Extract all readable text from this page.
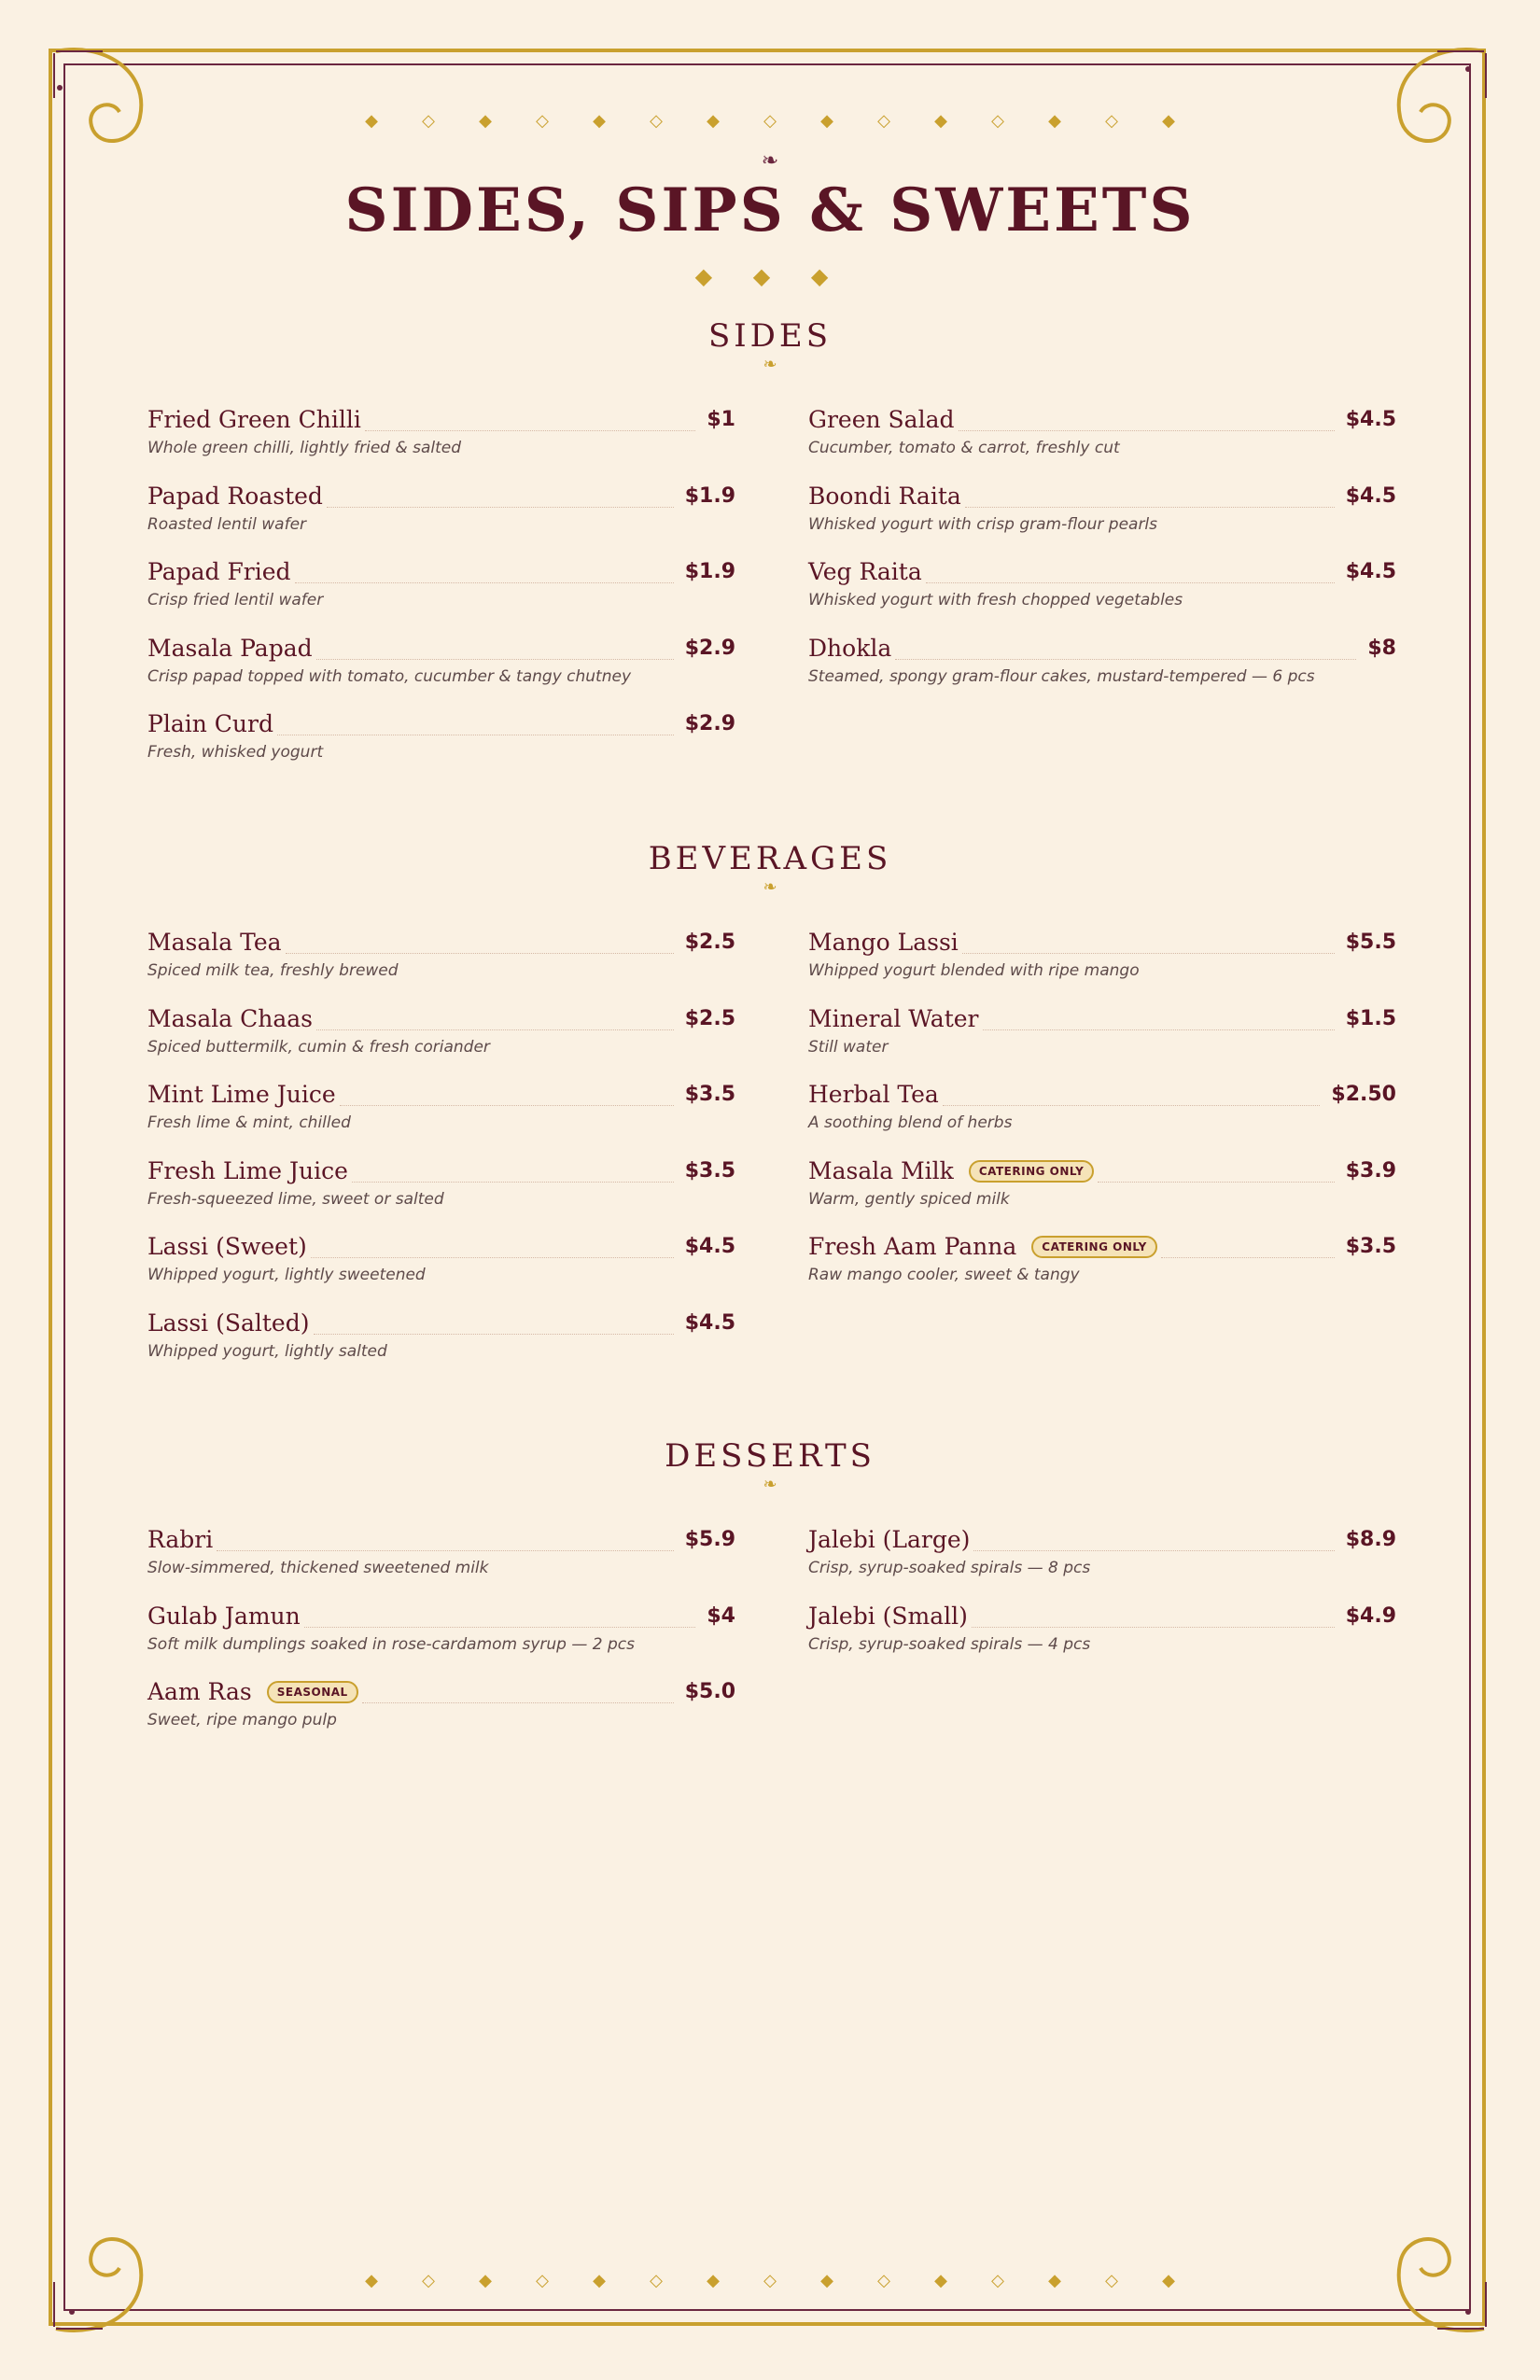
◆	◇	◆	◇	◆	◇	◆	◇	◆	◇	◆	◇	◆	◇	◆
◆	◇	◆	◇	◆	◇	◆	◇	◆	◇	◆	◇	◆	◇	◆
❧
SIDES, SIPS & SWEETS
◆ ◆ ◆
SIDES
❧
Fried Green Chilli	$1
Whole green chilli, lightly fried & salted
Papad Roasted	$1.9
Roasted lentil wafer
Papad Fried	$1.9
Crisp fried lentil wafer
Masala Papad	$2.9
Crisp papad topped with tomato, cucumber & tangy chutney
Plain Curd	$2.9
Fresh, whisked yogurt
Green Salad	$4.5
Cucumber, tomato & carrot, freshly cut
Boondi Raita	$4.5
Whisked yogurt with crisp gram-flour pearls
Veg Raita	$4.5
Whisked yogurt with fresh chopped vegetables
Dhokla	$8
Steamed, spongy gram-flour cakes, mustard-tempered — 6 pcs
BEVERAGES
❧
Masala Tea	$2.5
Spiced milk tea, freshly brewed
Masala Chaas	$2.5
Spiced buttermilk, cumin & fresh coriander
Mint Lime Juice	$3.5
Fresh lime & mint, chilled
Fresh Lime Juice	$3.5
Fresh-squeezed lime, sweet or salted
Lassi (Sweet)	$4.5
Whipped yogurt, lightly sweetened
Lassi (Salted)	$4.5
Whipped yogurt, lightly salted
Mango Lassi	$5.5
Whipped yogurt blended with ripe mango
Mineral Water	$1.5
Still water
Herbal Tea	$2.50
A soothing blend of herbs
Masala Milk	CATERING ONLY	$3.9
Warm, gently spiced milk
Fresh Aam Panna	CATERING ONLY	$3.5
Raw mango cooler, sweet & tangy
DESSERTS
❧
Rabri	$5.9
Slow-simmered, thickened sweetened milk
Gulab Jamun	$4
Soft milk dumplings soaked in rose-cardamom syrup — 2 pcs
Aam Ras	SEASONAL	$5.0
Sweet, ripe mango pulp
Jalebi (Large)	$8.9
Crisp, syrup-soaked spirals — 8 pcs
Jalebi (Small)	$4.9
Crisp, syrup-soaked spirals — 4 pcs
